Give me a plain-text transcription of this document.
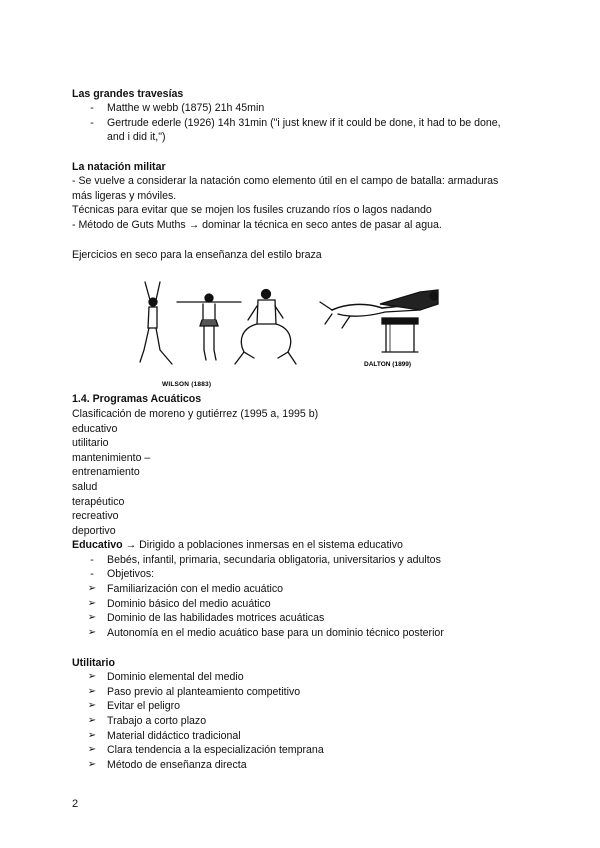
Las grandes travesías
-	Matthe w webb (1875) 21h 45min
-	Gertrude ederle (1926) 14h 31min ("i just knew if it could be done, it had to be done,
and i did it,")
La natación militar
- Se vuelve a considerar la natación como elemento útil en el campo de batalla: armaduras
más ligeras y móviles.
Técnicas para evitar que se mojen los fusiles cruzando ríos o lagos nadando
- Método de Guts Muths → dominar la técnica en seco antes de pasar al agua.
Ejercicios en seco para la enseñanza del estilo braza
WILSON (1883)
DALTON (1899)
1.4. Programas Acuáticos
Clasificación de moreno y gutiérrez (1995 a, 1995 b)
educativo
utilitario
mantenimiento –
entrenamiento
salud
terapéutico
recreativo
deportivo
Educativo → Dirigido a poblaciones inmersas en el sistema educativo
-	Bebés, infantil, primaria, secundaria obligatoria, universitarios y adultos
-	Objetivos:
➢ Familiarización con el medio acuático
➢ Dominio básico del medio acuático
➢ Dominio de las habilidades motrices acuáticas
➢ Autonomía en el medio acuático base para un dominio técnico posterior
Utilitario
➢ Dominio elemental del medio
➢ Paso previo al planteamiento competitivo
➢ Evitar el peligro
➢ Trabajo a corto plazo
➢ Material didáctico tradicional
➢ Clara tendencia a la especialización temprana
➢ Método de enseñanza directa
2
